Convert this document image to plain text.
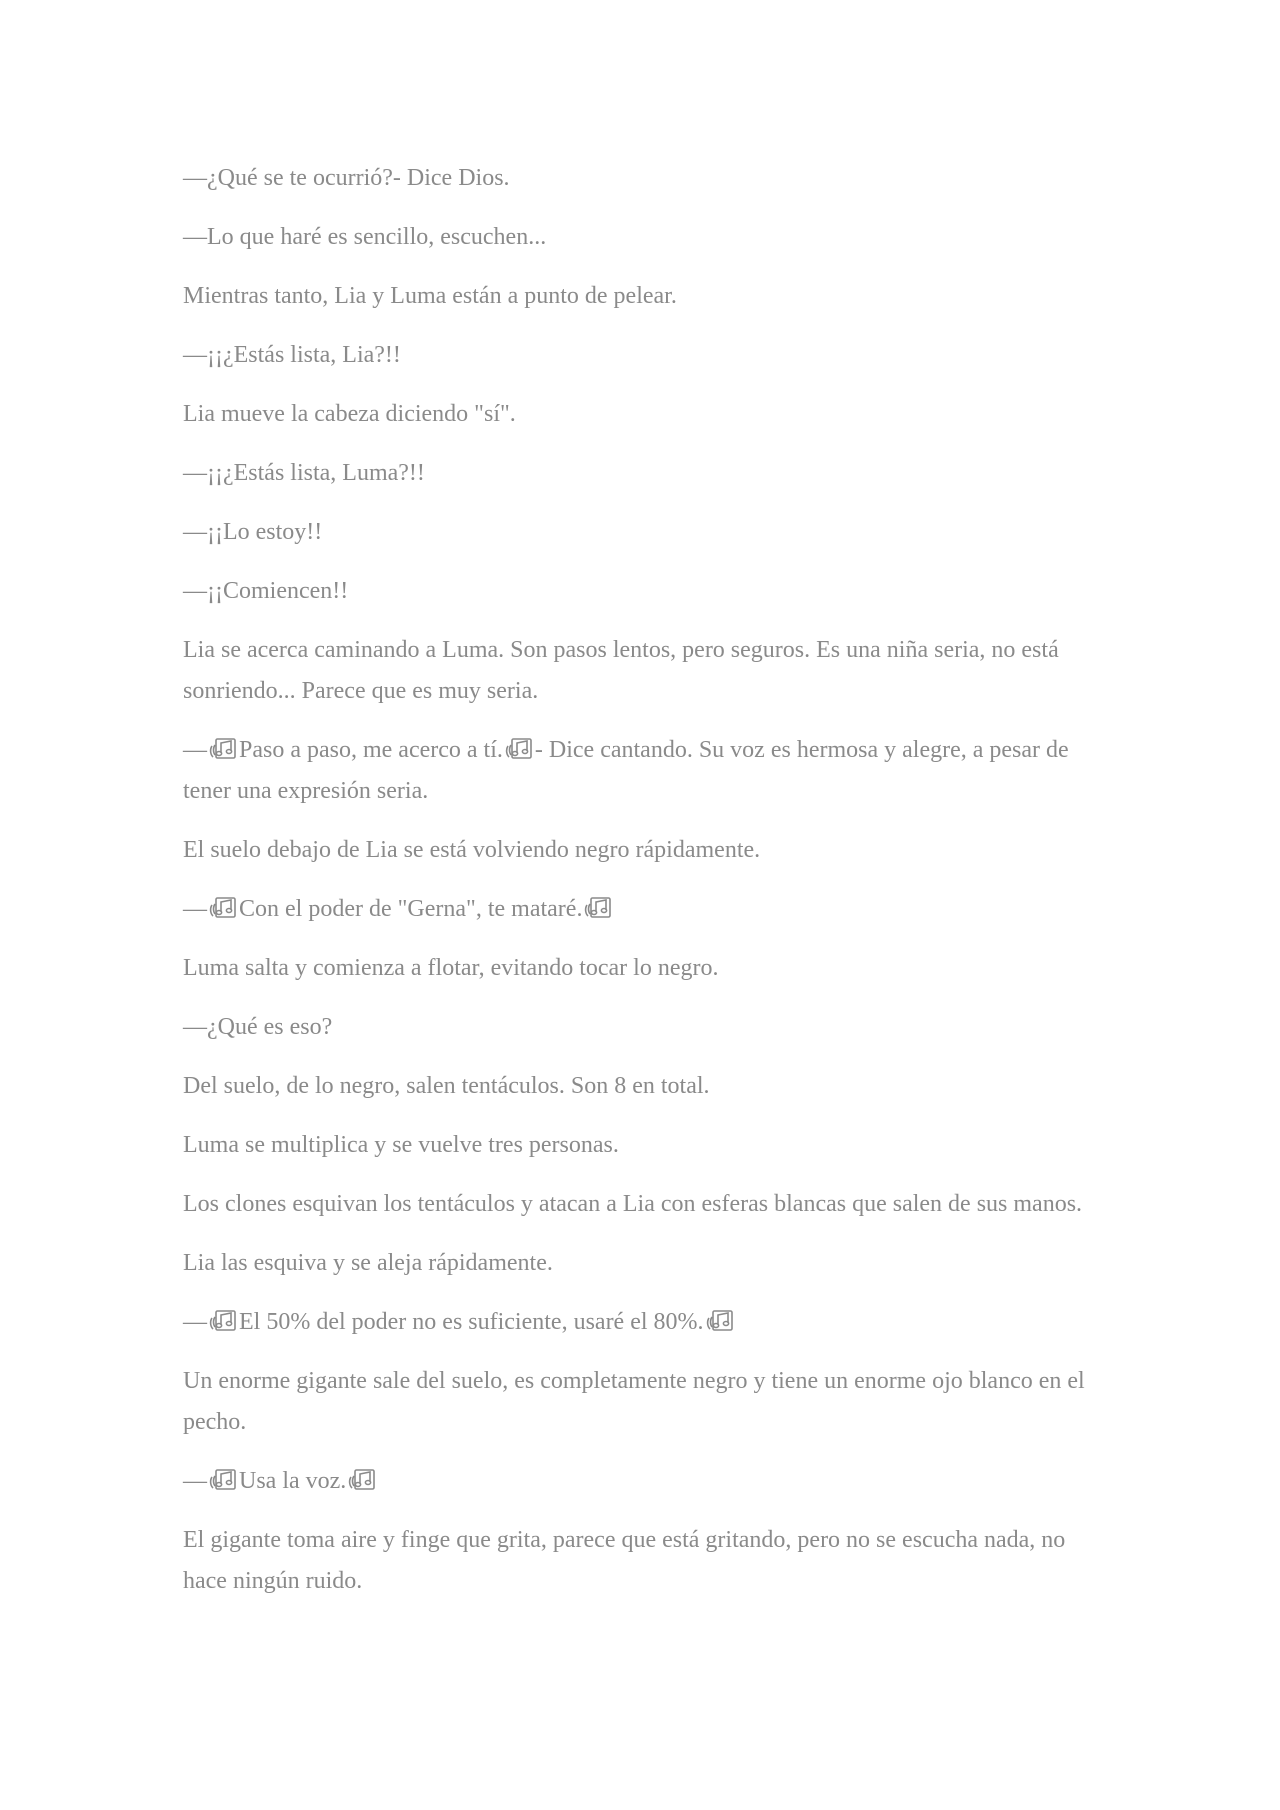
—¿Qué se te ocurrió?- Dice Dios.

—Lo que haré es sencillo, escuchen...

Mientras tanto, Lia y Luma están a punto de pelear.

—¡¡¿Estás lista, Lia?!!

Lia mueve la cabeza diciendo "sí".

—¡¡¿Estás lista, Luma?!!

—¡¡Lo estoy!!

—¡¡Comiencen!!

Lia se acerca caminando a Luma. Son pasos lentos, pero seguros. Es una niña seria, no está sonriendo... Parece que es muy seria.

— Paso a paso, me acerco a tí. - Dice cantando. Su voz es hermosa y alegre, a pesar de tener una expresión seria.

El suelo debajo de Lia se está volviendo negro rápidamente.

— Con el poder de "Gerna", te mataré.

Luma salta y comienza a flotar, evitando tocar lo negro.

—¿Qué es eso?

Del suelo, de lo negro, salen tentáculos. Son 8 en total.

Luma se multiplica y se vuelve tres personas.

Los clones esquivan los tentáculos y atacan a Lia con esferas blancas que salen de sus manos.

Lia las esquiva y se aleja rápidamente.

— El 50% del poder no es suficiente, usaré el 80%.

Un enorme gigante sale del suelo, es completamente negro y tiene un enorme ojo blanco en el pecho.

— Usa la voz.

El gigante toma aire y finge que grita, parece que está gritando, pero no se escucha nada, no hace ningún ruido.
